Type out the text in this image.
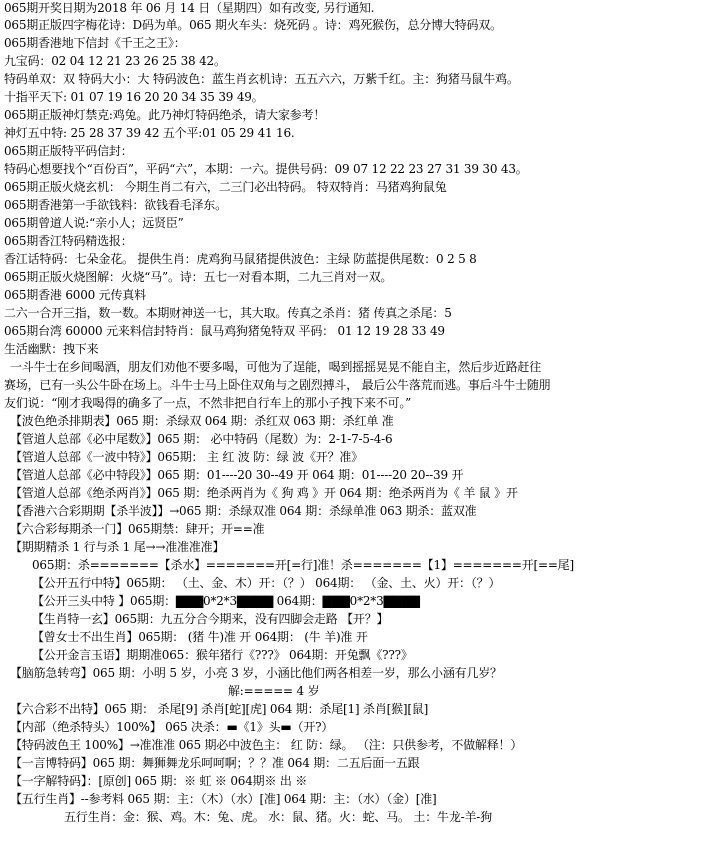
065期开奖日期为2018 年 06 月 14 日（星期四）如有改变, 另行通知.
065期正版四字梅花诗：D码为单。065 期火车头：烧死码 。诗：鸡死猴伤，总分博大特码双。
065期香港地下信封《千王之王》：
九宝码：02 04 12 21 23 26 25 38 42。
特码单双：双 特码大小：大 特码波色：蓝生肖玄机诗：五五六六，万紫千红。主：狗猪马鼠牛鸡。
十指平天下: 01 07 19 16 20 20 34 35 39 49。
065期正版神灯禁克:鸡兔。此乃神灯特码绝杀，请大家参考！
神灯五中特: 25 28 37 39 42 五个平:01 05 29 41 16.
065期正版特平码信封：
特码心想要找个“百份百”，平码“六”，本期：一六。提供号码：09 07 12 22 23 27 31 39 30 43。
065期正版火烧玄机： 今期生肖二有六，二三门必出特码。 特双特肖：马猪鸡狗鼠兔
065期香港第一手欲钱料：欲钱看毛泽东。
065期曾道人说:“亲小人；远贤臣”
065期香江特码精选报：
香江话特码：七朵金花。 提供生肖：虎鸡狗马鼠猪提供波色：主绿 防蓝提供尾数：0 2 5 8
065期正版火烧图解：火烧“马”。诗：五七一对看本期，二九三肖对一双。
065期香港 6000 元传真料
二六一合开三指，数一数。本期财神送一七，其大取。传真之杀肖：猪 传真之杀尾：5
065期台湾 60000 元来料信封特肖：鼠马鸡狗猪兔特双 平码： 01 12 19 28 33 49
生活幽默：拽下来
一斗牛士在乡间喝酒，朋友们劝他不要多喝，可他为了逞能，喝到摇摇晃晃不能自主，然后步近路赶往
赛场，已有一头公牛卧在场上。斗牛士马上卧住双角与之剧烈搏斗， 最后公牛落荒而逃。事后斗牛士随朋
友们说：“刚才我喝得的确多了一点，不然非把自行车上的那小子拽下来不可。”
【波色绝杀排期表】065 期：杀绿双 064 期：杀红双 063 期：杀红单 准
【管道人总部《必中尾数》】065 期： 必中特码（尾数）为：2-1-7-5-4-6
【管道人总部《一波中特》】065期： 主 红 波 防：绿 波《开？准》
【管道人总部《必中特段》】065 期：01----20 30--49 开 064 期：01----20 20--39 开
【管道人总部《绝杀两肖》】065 期：绝杀两肖为《 狗 鸡 》开 064 期：绝杀两肖为《 羊 鼠 》开
【香港六合彩期期【杀半波】】→065 期：杀绿双准 064 期：杀绿单准 063 期杀：蓝双准
【六合彩每期杀一门】065期禁：肆开；开==准
【期期精杀 1 行与杀 1 尾→→准准准准】
065期：杀=======【杀水】=======开[=行]准！杀=======【1】=======开[==尾]
【公开五行中特】065期： （土、金、木）开：（？） 064期： （金、土、火）开：（？）
【公开三头中特 】065期：▇▇▇0*2*3▇▇▇▇ 064期：▇▇▇0*2*3▇▇▇▇
【生肖特一玄】065期：九五分合今期来，没有四脚会走路 【开？】
【曾女士不出生肖】065期： (猪 牛)准 开 064期： (牛 羊)准 开
【公开金言玉语】期期准065：猴年猪行《???》 064期：开兔飘《???》
【脑筋急转弯】065 期：小明 5 岁，小亮 3 岁，小涵比他们两各相差一岁，那么小涵有几岁？
解:===== 4 岁
【六合彩不出特】065 期： 杀尾[9] 杀肖[蛇][虎] 064 期：杀尾[1] 杀肖[猴][鼠]
【内部（绝杀特头）100%】 065 决杀：▬《1》头▬（开?）
【特码波色王 100%】→准准准 065 期必中波色主： 红 防：绿。 （注：只供参考，不做解释！）
【一言博特码】065 期：舞狮舞龙乐呵呵啊；？？准 064 期：二五后面一五跟
【一字解特码】：[原创] 065 期：※ 虹 ※ 064期※ 出 ※
【五行生肖】--参考料 065 期：主：（木）（水）[准] 064 期：主：（水）（金）[准]
五行生肖：金：猴、鸡。木：兔、虎。 水：鼠、猪。火：蛇、马。 土：牛龙-羊-狗
